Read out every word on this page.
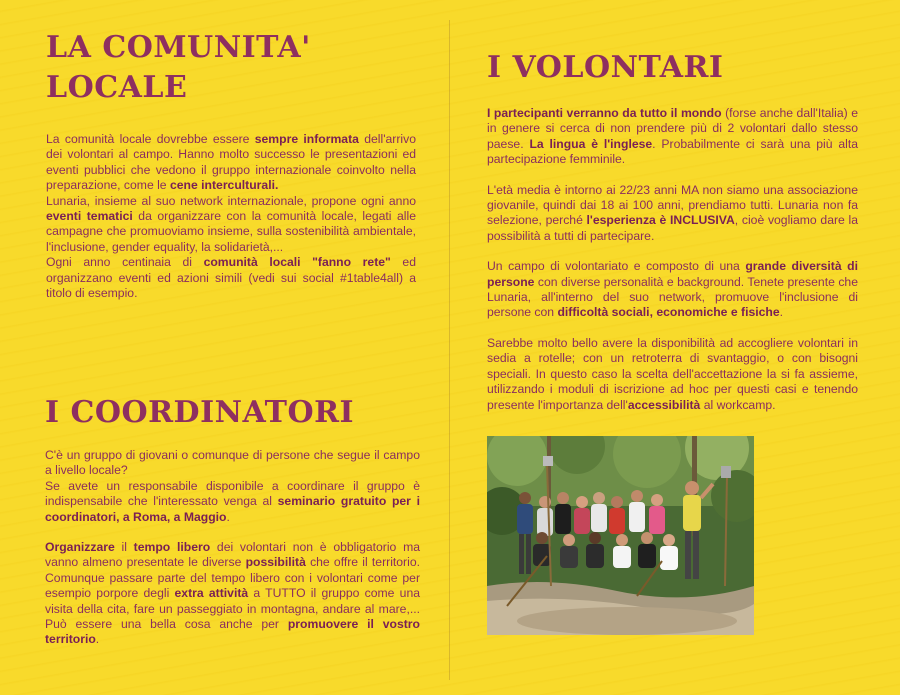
LA COMUNITA' LOCALE

La comunità locale dovrebbe essere sempre informata dell'arrivo dei volontari al campo. Hanno molto successo le presentazioni ed eventi pubblici che vedono il gruppo internazionale coinvolto nella preparazione, come le cene interculturali.

Lunaria, insieme al suo network internazionale, propone ogni anno eventi tematici da organizzare con la comunità locale, legati alle campagne che promuoviamo insieme, sulla sostenibilità ambientale, l'inclusione, gender equality, la solidarietà,...

Ogni anno centinaia di comunità locali "fanno rete" ed organizzano eventi ed azioni simili (vedi sui social #1table4all) a titolo di esempio.

I COORDINATORI

C'è un gruppo di giovani o comunque di persone che segue il campo a livello locale?

Se avete un responsabile disponibile a coordinare il gruppo è indispensabile che l'interessato venga al seminario gratuito per i coordinatori, a Roma, a Maggio.

Organizzare il tempo libero dei volontari non è obbligatorio ma vanno almeno presentate le diverse possibilità che offre il territorio. Comunque passare parte del tempo libero con i volontari come per esempio porpore degli extra attività a TUTTO il gruppo come una visita della cita, fare un passeggiato in montagna, andare al mare,... Può essere una bella cosa anche per promuovere il vostro territorio.

I VOLONTARI

I partecipanti verranno da tutto il mondo (forse anche dall'Italia) e in genere si cerca di non prendere più di 2 volontari dallo stesso paese. La lingua è l'inglese. Probabilmente ci sarà una più alta partecipazione femminile.

L'età media è intorno ai 22/23 anni MA non siamo una associazione giovanile, quindi dai 18 ai 100 anni, prendiamo tutti. Lunaria non fa selezione, perché l'esperienza è INCLUSIVA, cioè vogliamo dare la possibilità a tutti di partecipare.

Un campo di volontariato e composto di una grande diversità di persone con diverse personalità e background. Tenete presente che Lunaria, all'interno del suo network, promuove l'inclusione di persone con difficoltà sociali, economiche e fisiche.

Sarebbe molto bello avere la disponibilità ad accogliere volontari in sedia a rotelle; con un retroterra di svantaggio, o con bisogni speciali. In questo caso la scelta dell'accettazione la si fa assieme, utilizzando i moduli di iscrizione ad hoc per questi casi e tenendo presente l'importanza dell'accessibilità al workcamp.
